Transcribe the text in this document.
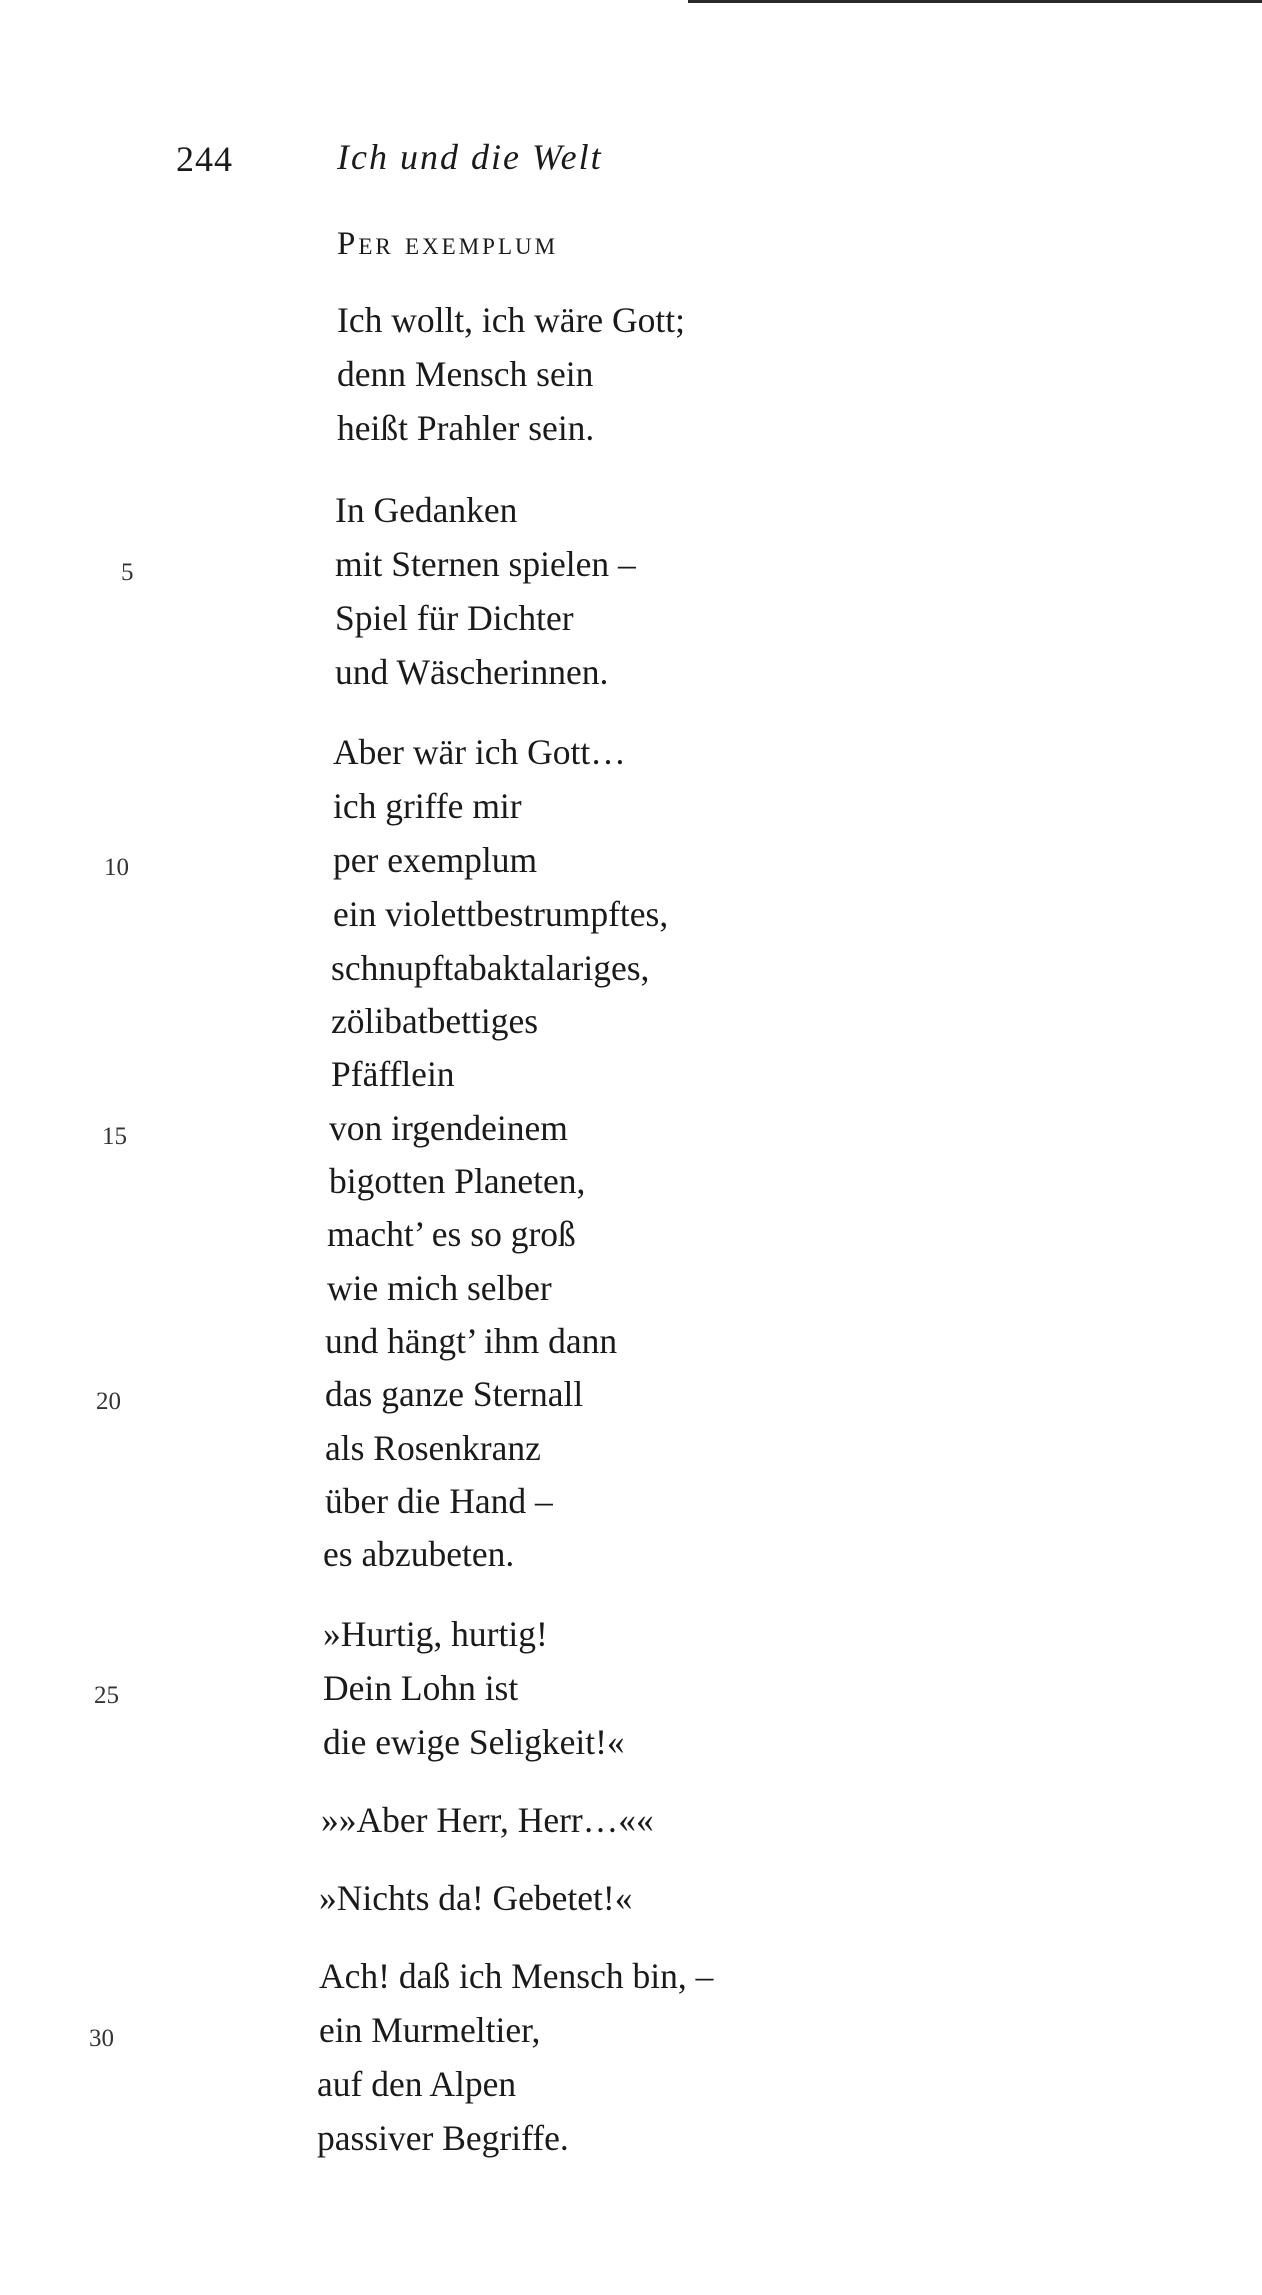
244	Ich und die Welt
Per exemplum
Ich wollt, ich wäre Gott;
denn Mensch sein
heißt Prahler sein.
In Gedanken
mit Sternen spielen –
Spiel für Dichter
und Wäscherinnen.
Aber wär ich Gott…
ich griffe mir
per exemplum
ein violettbestrumpftes,
schnupftabaktalariges,
zölibatbettiges
Pfäfflein
von irgendeinem
bigotten Planeten,
macht’ es so groß
wie mich selber
und hängt’ ihm dann
das ganze Sternall
als Rosenkranz
über die Hand –
es abzubeten.
»Hurtig, hurtig!
Dein Lohn ist
die ewige Seligkeit!«
»»Aber Herr, Herr…««
»Nichts da! Gebetet!«
Ach! daß ich Mensch bin, –
ein Murmeltier,
auf den Alpen
passiver Begriffe.
5
10
15
20
25
30
